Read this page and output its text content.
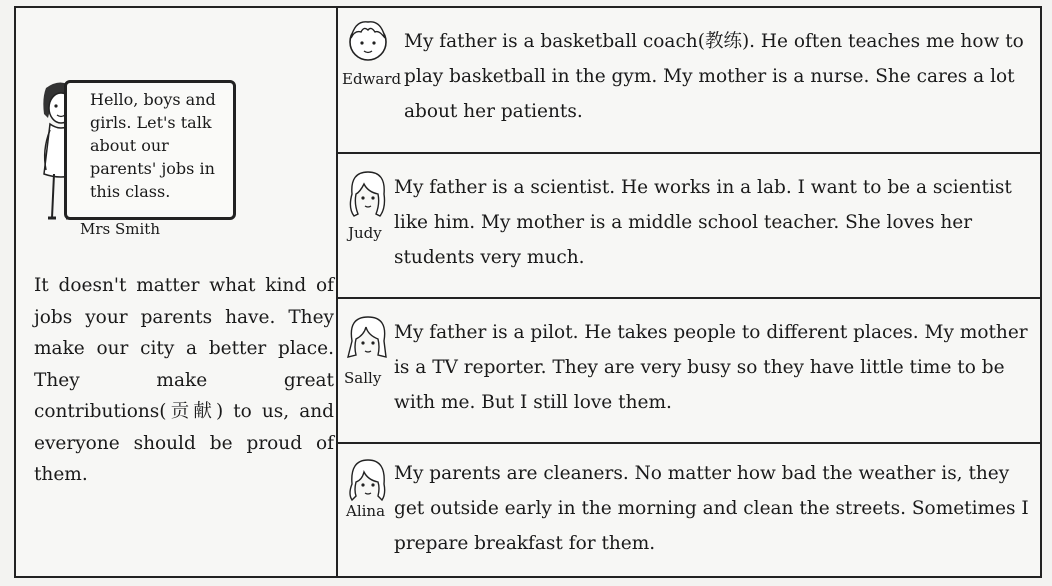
Hello, boys and girls. Let's talk about our parents' jobs in this class.
Mrs Smith
It doesn't matter what kind of jobs your parents have. They make our city a better place. They make great contributions(贡献) to us, and everyone should be proud of them.
Edward
My father is a basketball coach(教练). He often teaches me how to play basketball in the gym. My mother is a nurse. She cares a lot about her patients.
Judy
My father is a scientist. He works in a lab. I want to be a scientist like him. My mother is a middle school teacher. She loves her students very much.
Sally
My father is a pilot. He takes people to different places. My mother is a TV reporter. They are very busy so they have little time to be with me. But I still love them.
Alina
My parents are cleaners. No matter how bad the weather is, they get outside early in the morning and clean the streets. Sometimes I prepare breakfast for them.
